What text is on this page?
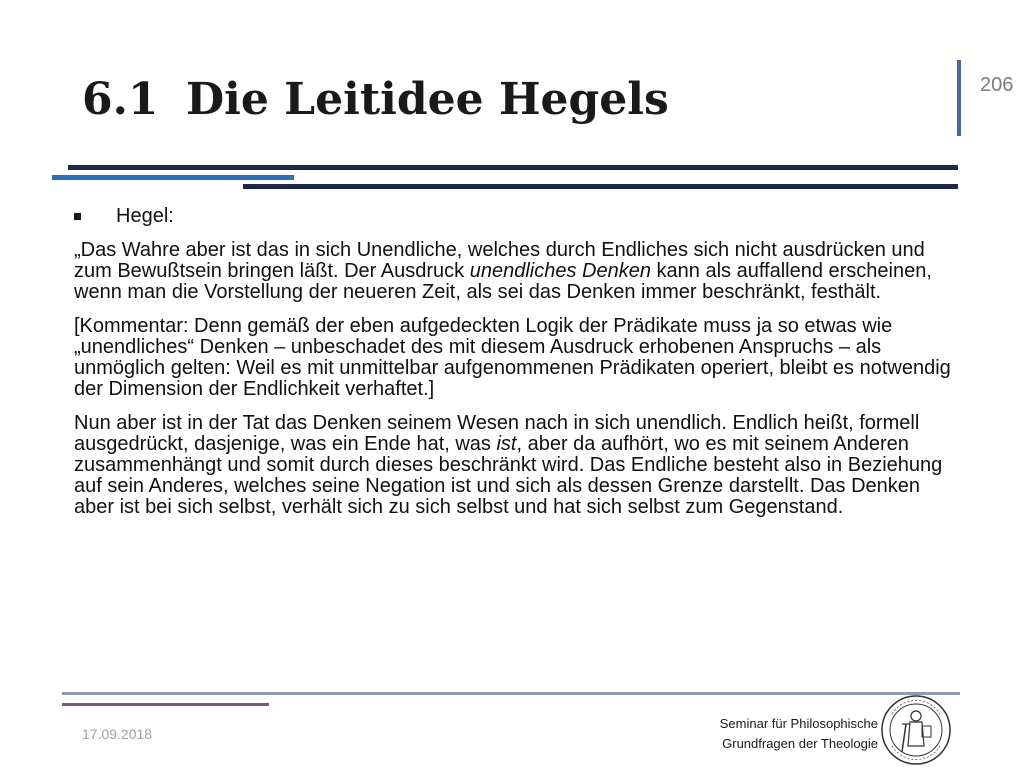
6.1 Die Leitidee Hegels	206
Hegel:

„Das Wahre aber ist das in sich Unendliche, welches durch Endliches sich nicht ausdrücken und zum Bewußtsein bringen läßt. Der Ausdruck unendliches Denken kann als auffallend erscheinen, wenn man die Vorstellung der neueren Zeit, als sei das Denken immer beschränkt, festhält.

[Kommentar: Denn gemäß der eben aufgedeckten Logik der Prädikate muss ja so etwas wie „unendliches“ Denken – unbeschadet des mit diesem Ausdruck erhobenen Anspruchs – als unmöglich gelten: Weil es mit unmittelbar aufgenommenen Prädikaten operiert, bleibt es notwendig der Dimension der Endlichkeit verhaftet.]

Nun aber ist in der Tat das Denken seinem Wesen nach in sich unendlich. Endlich heißt, formell ausgedrückt, dasjenige, was ein Ende hat, was ist, aber da aufhört, wo es mit seinem Anderen zusammenhängt und somit durch dieses beschränkt wird. Das Endliche besteht also in Beziehung auf sein Anderes, welches seine Negation ist und sich als dessen Grenze darstellt. Das Denken aber ist bei sich selbst, verhält sich zu sich selbst und hat sich selbst zum Gegenstand.

17.09.2018
Seminar für Philosophische
Grundfragen der Theologie
